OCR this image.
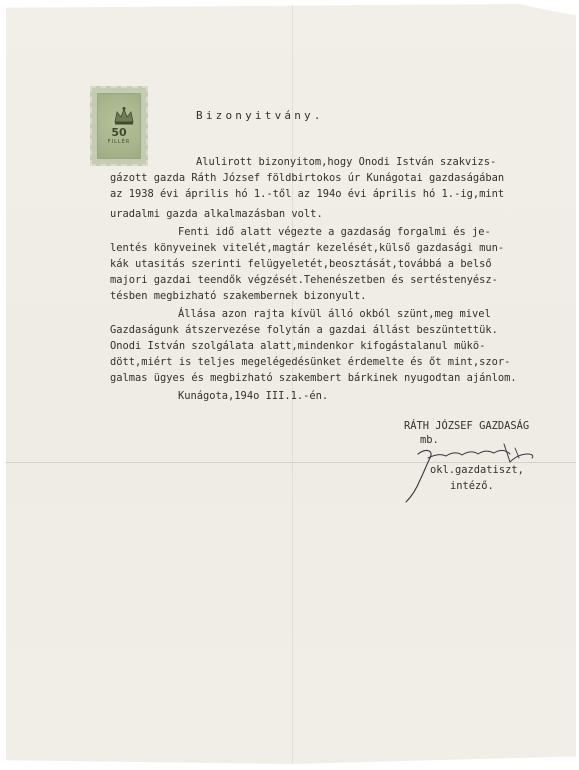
50
FILLÉR
Bizonyitvány.
Alulirott bizonyitom,hogy Onodi István szakvizs-
gázott gazda Ráth József földbirtokos úr Kunágotai gazdaságában
az 1938 évi április hó 1.-től az 194o évi április hó 1.-ig,mint
uradalmi gazda alkalmazásban volt.
Fenti idő alatt végezte a gazdaság forgalmi és je-
lentés könyveinek vitelét,magtár kezelését,külső gazdasági mun-
kák utasitás szerinti felügyeletét,beosztását,továbbá a belső
majori gazdai teendők végzését.Tehenészetben és sertéstenyész-
tésben megbizható szakembernek bizonyult.
Állása azon rajta kívül álló okból szünt,meg mivel
Gazdaságunk átszervezése folytán a gazdai állást beszüntettük.
Onodi István szolgálata alatt,mindenkor kifogástalanul mükö-
dött,miért is teljes megelégedésünket érdemelte és őt mint,szor-
galmas ügyes és megbizható szakembert bárkinek nyugodtan ajánlom.
Kunágota,194o III.1.-én.
RÁTH JÓZSEF GAZDASÁG
mb.
okl.gazdatiszt,
intéző.
